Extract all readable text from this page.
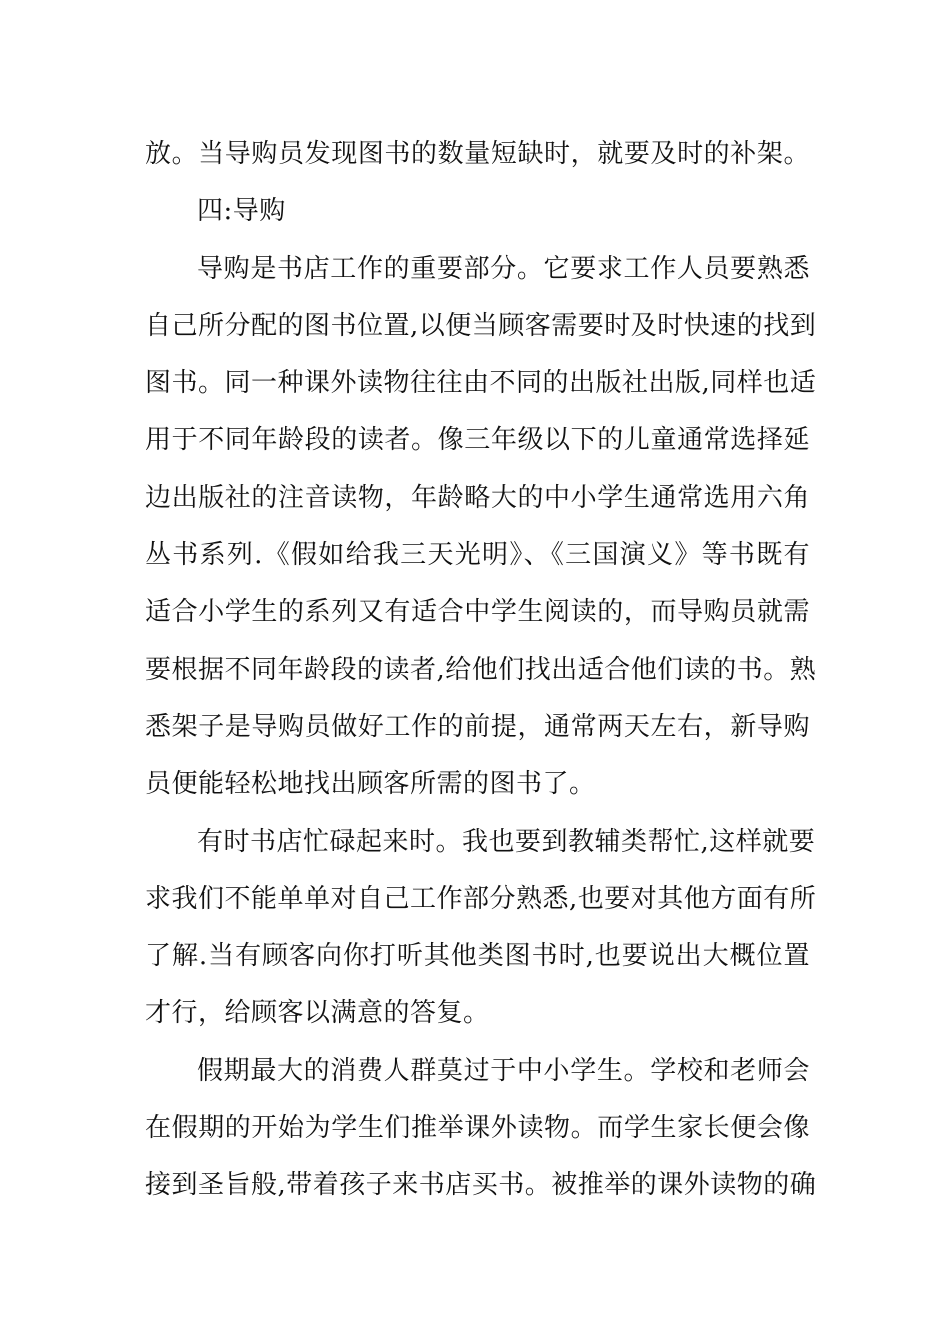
放。当导购员发现图书的数量短缺时，就要及时的补架。
四:导购
导购是书店工作的重要部分。它要求工作人员要熟悉
自己所分配的图书位置,以便当顾客需要时及时快速的找到
图书。同一种课外读物往往由不同的出版社出版,同样也适
用于不同年龄段的读者。像三年级以下的儿童通常选择延
边出版社的注音读物，年龄略大的中小学生通常选用六角
丛书系列.《假如给我三天光明》、《三国演义》等书既有
适合小学生的系列又有适合中学生阅读的，而导购员就需
要根据不同年龄段的读者,给他们找出适合他们读的书。熟
悉架子是导购员做好工作的前提，通常两天左右，新导购
员便能轻松地找出顾客所需的图书了。
有时书店忙碌起来时。我也要到教辅类帮忙,这样就要
求我们不能单单对自己工作部分熟悉,也要对其他方面有所
了解.当有顾客向你打听其他类图书时,也要说出大概位置
才行，给顾客以满意的答复。
假期最大的消费人群莫过于中小学生。学校和老师会
在假期的开始为学生们推举课外读物。而学生家长便会像
接到圣旨般,带着孩子来书店买书。被推举的课外读物的确
